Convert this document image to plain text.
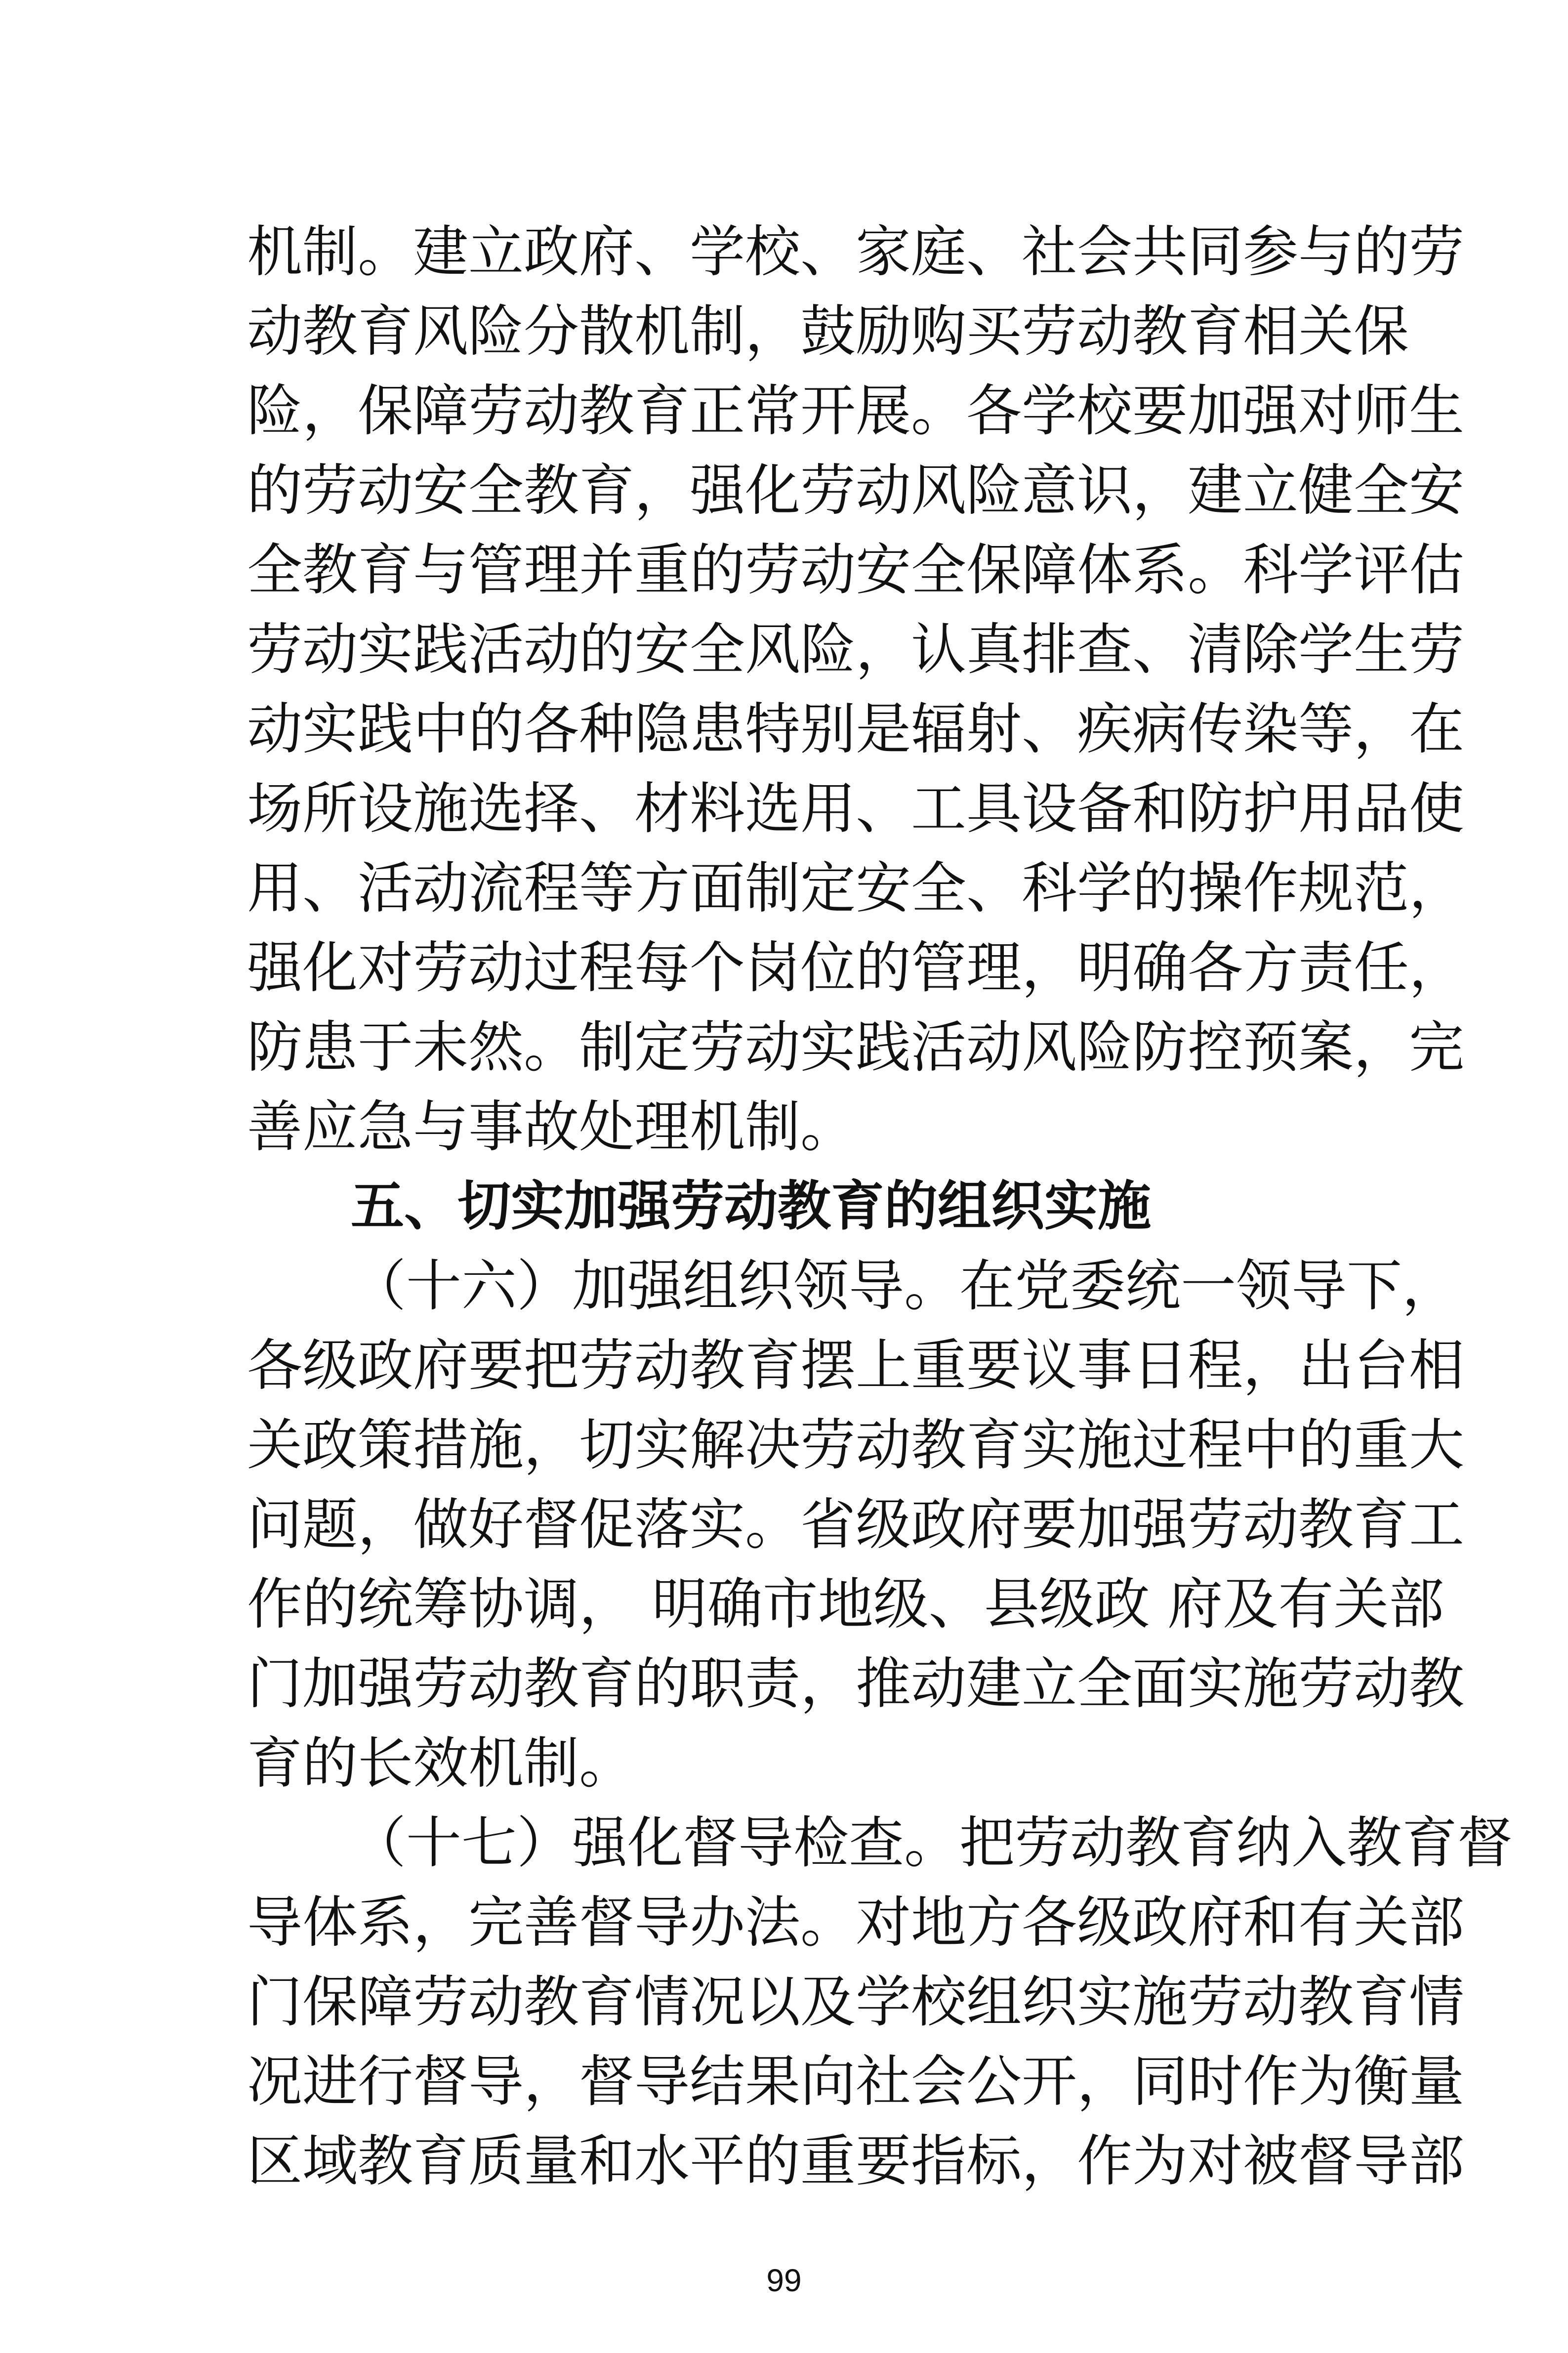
机制。建立政府、学校、家庭、社会共同参与的劳
动教育风险分散机制，鼓励购买劳动教育相关保
险，保障劳动教育正常开展。各学校要加强对师生
的劳动安全教育，强化劳动风险意识，建立健全安
全教育与管理并重的劳动安全保障体系。科学评估
劳动实践活动的安全风险，认真排查、清除学生劳
动实践中的各种隐患特别是辐射、疾病传染等，在
场所设施选择、材料选用、工具设备和防护用品使
用、活动流程等方面制定安全、科学的操作规范，
强化对劳动过程每个岗位的管理，明确各方责任，
防患于未然。制定劳动实践活动风险防控预案，完
善应急与事故处理机制。
五、切实加强劳动教育的组织实施
（十六）加强组织领导。在党委统一领导下，
各级政府要把劳动教育摆上重要议事日程，出台相
关政策措施，切实解决劳动教育实施过程中的重大
问题，做好督促落实。省级政府要加强劳动教育工
作的统筹协调， 明确市地级、县级政 府及有关部
门加强劳动教育的职责，推动建立全面实施劳动教
育的长效机制。
（十七）强化督导检查。把劳动教育纳入教育督
导体系，完善督导办法。对地方各级政府和有关部
门保障劳动教育情况以及学校组织实施劳动教育情
况进行督导，督导结果向社会公开，同时作为衡量
区域教育质量和水平的重要指标，作为对被督导部
99
